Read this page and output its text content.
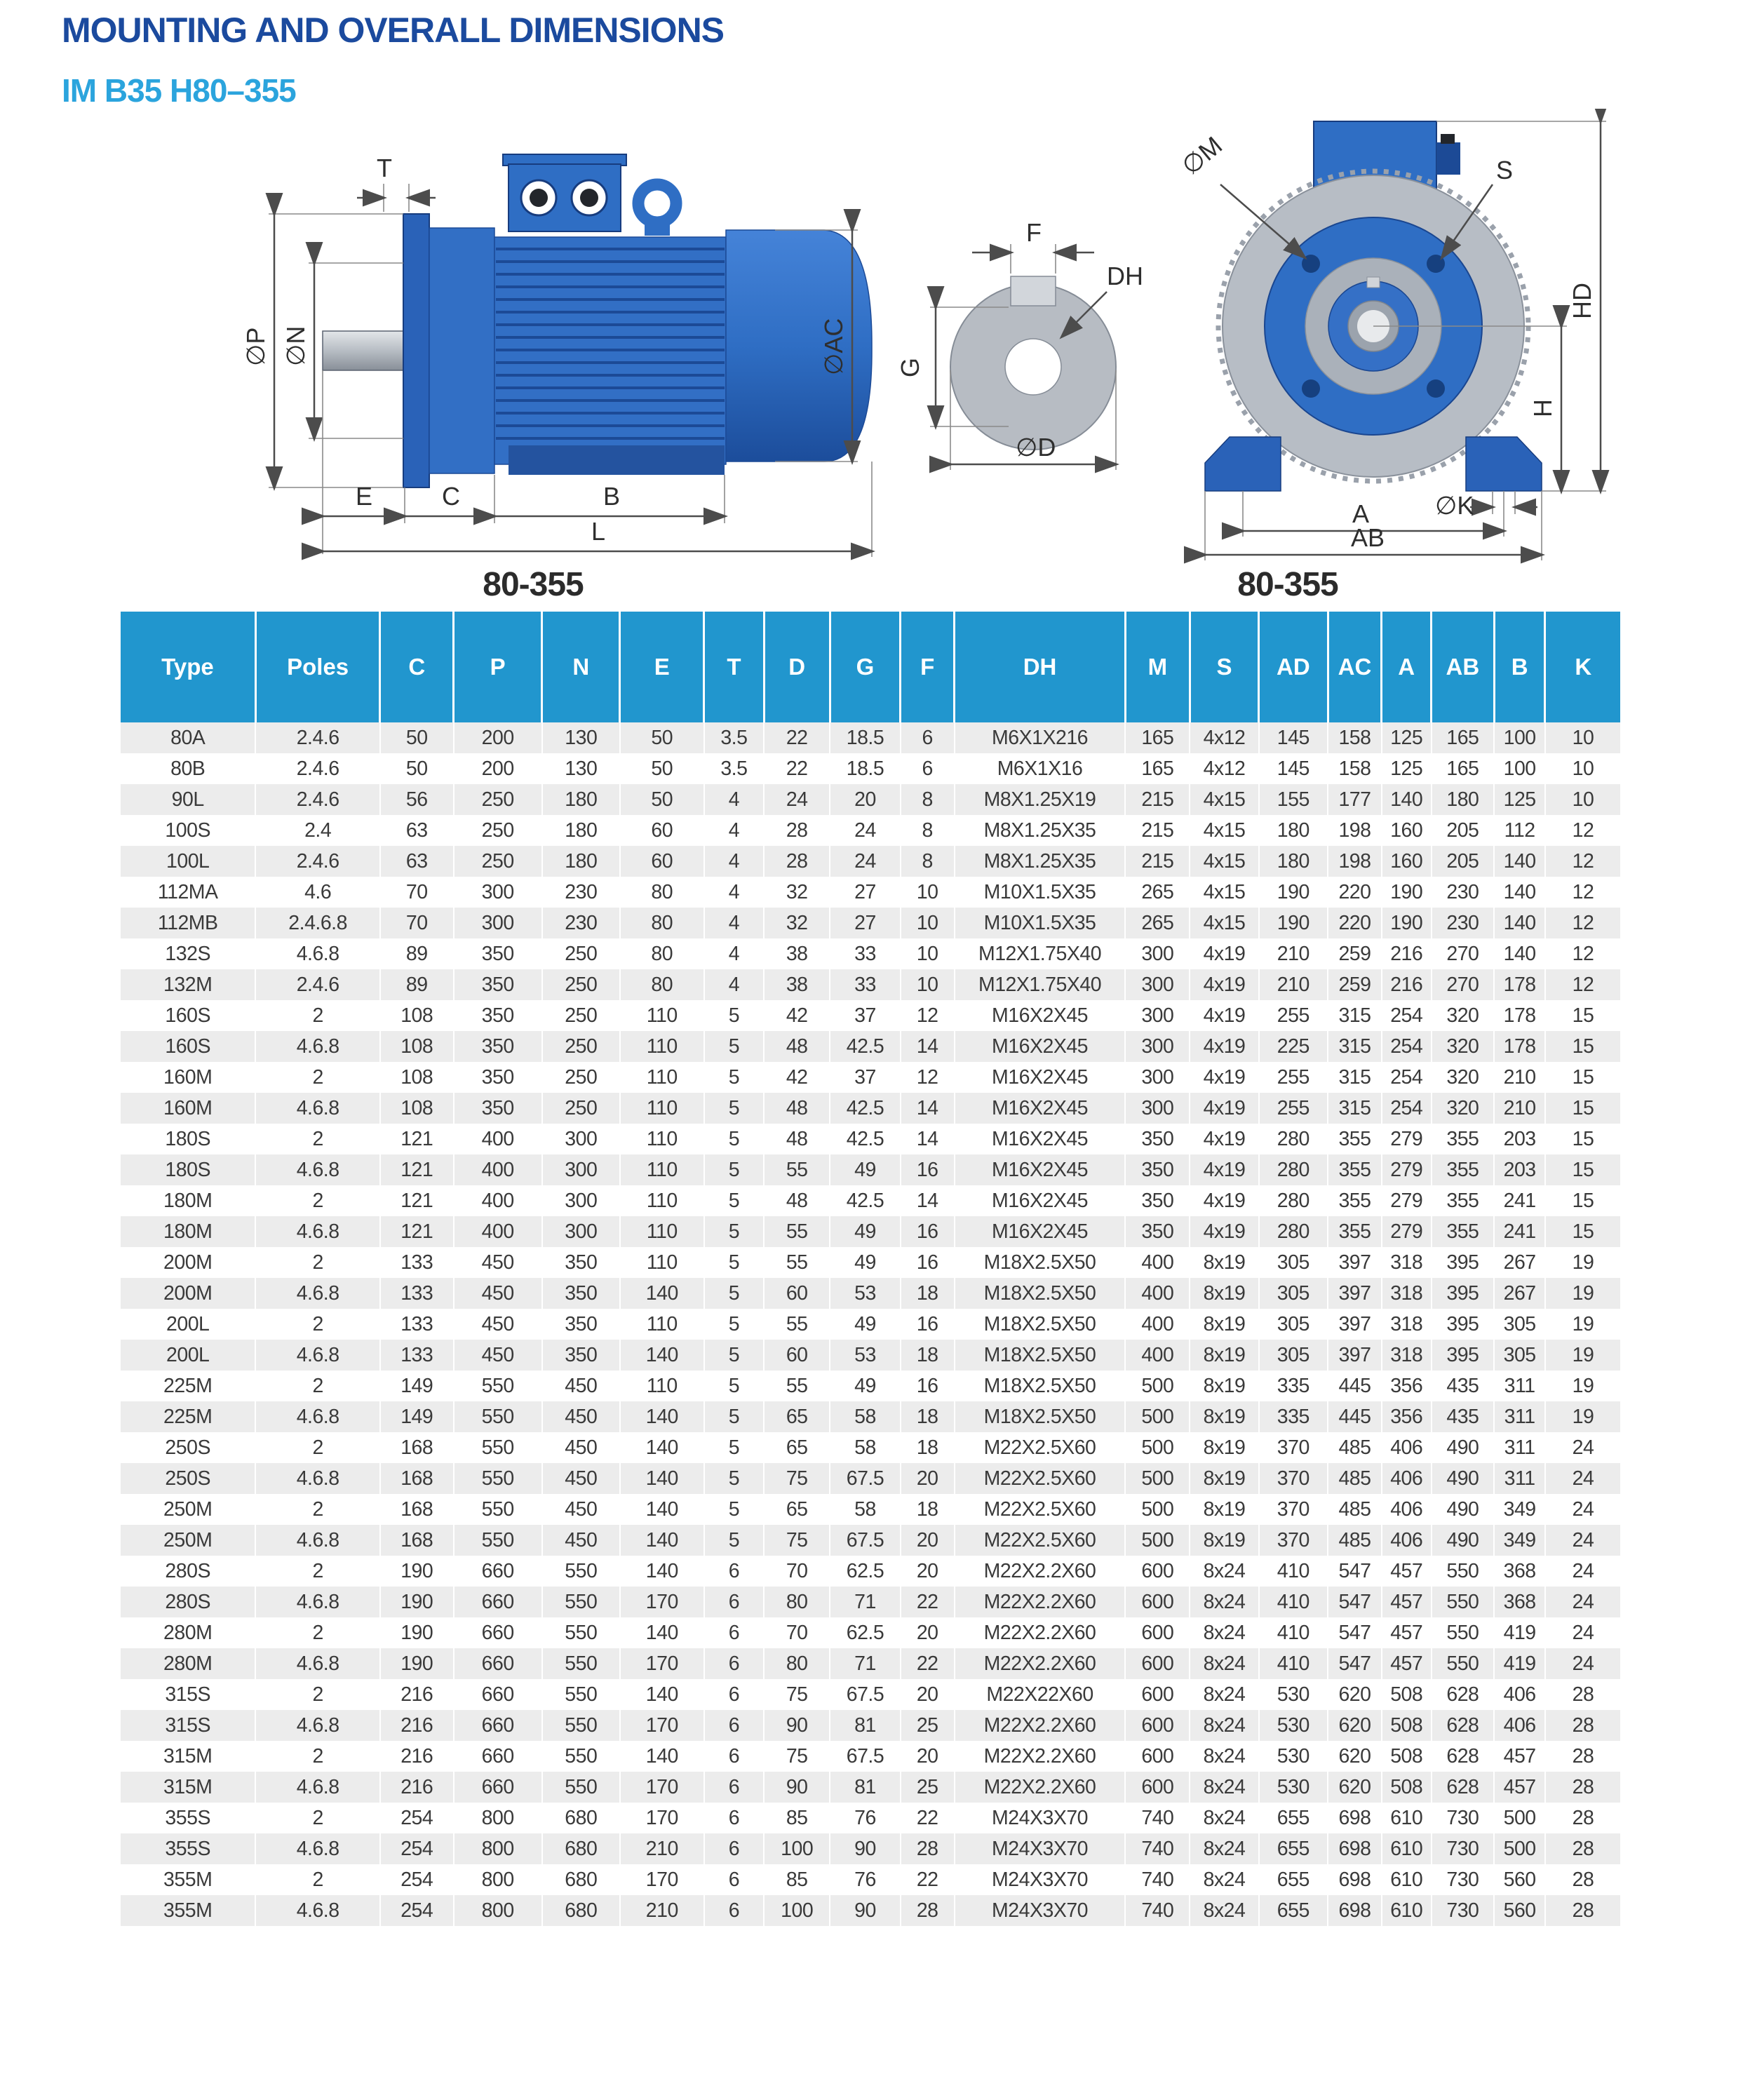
MOUNTING AND OVERALL DIMENSIONS
IM B35 H80–355
T
∅P ∅N	∅AC
E	C	B
L
F
DH
G
∅D
∅M	S
HD
H
∅K
A
AB
80-355	80-355
Type	Poles	C	P	N	E	T	D	G	F	DH	M	S	AD	AC	A	AB	B	K
80A	2.4.6	50	200	130	50	3.5	22	18.5	6	M6X1X216	165	4x12	145	158	125	165	100	10
80B	2.4.6	50	200	130	50	3.5	22	18.5	6	M6X1X16	165	4x12	145	158	125	165	100	10
90L	2.4.6	56	250	180	50	4	24	20	8	M8X1.25X19	215	4x15	155	177	140	180	125	10
100S	2.4	63	250	180	60	4	28	24	8	M8X1.25X35	215	4x15	180	198	160	205	112	12
100L	2.4.6	63	250	180	60	4	28	24	8	M8X1.25X35	215	4x15	180	198	160	205	140	12
112MA	4.6	70	300	230	80	4	32	27	10	M10X1.5X35	265	4x15	190	220	190	230	140	12
112MB	2.4.6.8	70	300	230	80	4	32	27	10	M10X1.5X35	265	4x15	190	220	190	230	140	12
132S	4.6.8	89	350	250	80	4	38	33	10	M12X1.75X40	300	4x19	210	259	216	270	140	12
132M	2.4.6	89	350	250	80	4	38	33	10	M12X1.75X40	300	4x19	210	259	216	270	178	12
160S	2	108	350	250	110	5	42	37	12	M16X2X45	300	4x19	255	315	254	320	178	15
160S	4.6.8	108	350	250	110	5	48	42.5	14	M16X2X45	300	4x19	225	315	254	320	178	15
160M	2	108	350	250	110	5	42	37	12	M16X2X45	300	4x19	255	315	254	320	210	15
160M	4.6.8	108	350	250	110	5	48	42.5	14	M16X2X45	300	4x19	255	315	254	320	210	15
180S	2	121	400	300	110	5	48	42.5	14	M16X2X45	350	4x19	280	355	279	355	203	15
180S	4.6.8	121	400	300	110	5	55	49	16	M16X2X45	350	4x19	280	355	279	355	203	15
180M	2	121	400	300	110	5	48	42.5	14	M16X2X45	350	4x19	280	355	279	355	241	15
180M	4.6.8	121	400	300	110	5	55	49	16	M16X2X45	350	4x19	280	355	279	355	241	15
200M	2	133	450	350	110	5	55	49	16	M18X2.5X50	400	8x19	305	397	318	395	267	19
200M	4.6.8	133	450	350	140	5	60	53	18	M18X2.5X50	400	8x19	305	397	318	395	267	19
200L	2	133	450	350	110	5	55	49	16	M18X2.5X50	400	8x19	305	397	318	395	305	19
200L	4.6.8	133	450	350	140	5	60	53	18	M18X2.5X50	400	8x19	305	397	318	395	305	19
225M	2	149	550	450	110	5	55	49	16	M18X2.5X50	500	8x19	335	445	356	435	311	19
225M	4.6.8	149	550	450	140	5	65	58	18	M18X2.5X50	500	8x19	335	445	356	435	311	19
250S	2	168	550	450	140	5	65	58	18	M22X2.5X60	500	8x19	370	485	406	490	311	24
250S	4.6.8	168	550	450	140	5	75	67.5	20	M22X2.5X60	500	8x19	370	485	406	490	311	24
250M	2	168	550	450	140	5	65	58	18	M22X2.5X60	500	8x19	370	485	406	490	349	24
250M	4.6.8	168	550	450	140	5	75	67.5	20	M22X2.5X60	500	8x19	370	485	406	490	349	24
280S	2	190	660	550	140	6	70	62.5	20	M22X2.2X60	600	8x24	410	547	457	550	368	24
280S	4.6.8	190	660	550	170	6	80	71	22	M22X2.2X60	600	8x24	410	547	457	550	368	24
280M	2	190	660	550	140	6	70	62.5	20	M22X2.2X60	600	8x24	410	547	457	550	419	24
280M	4.6.8	190	660	550	170	6	80	71	22	M22X2.2X60	600	8x24	410	547	457	550	419	24
315S	2	216	660	550	140	6	75	67.5	20	M22X22X60	600	8x24	530	620	508	628	406	28
315S	4.6.8	216	660	550	170	6	90	81	25	M22X2.2X60	600	8x24	530	620	508	628	406	28
315M	2	216	660	550	140	6	75	67.5	20	M22X2.2X60	600	8x24	530	620	508	628	457	28
315M	4.6.8	216	660	550	170	6	90	81	25	M22X2.2X60	600	8x24	530	620	508	628	457	28
355S	2	254	800	680	170	6	85	76	22	M24X3X70	740	8x24	655	698	610	730	500	28
355S	4.6.8	254	800	680	210	6	100	90	28	M24X3X70	740	8x24	655	698	610	730	500	28
355M	2	254	800	680	170	6	85	76	22	M24X3X70	740	8x24	655	698	610	730	560	28
355M	4.6.8	254	800	680	210	6	100	90	28	M24X3X70	740	8x24	655	698	610	730	560	28
